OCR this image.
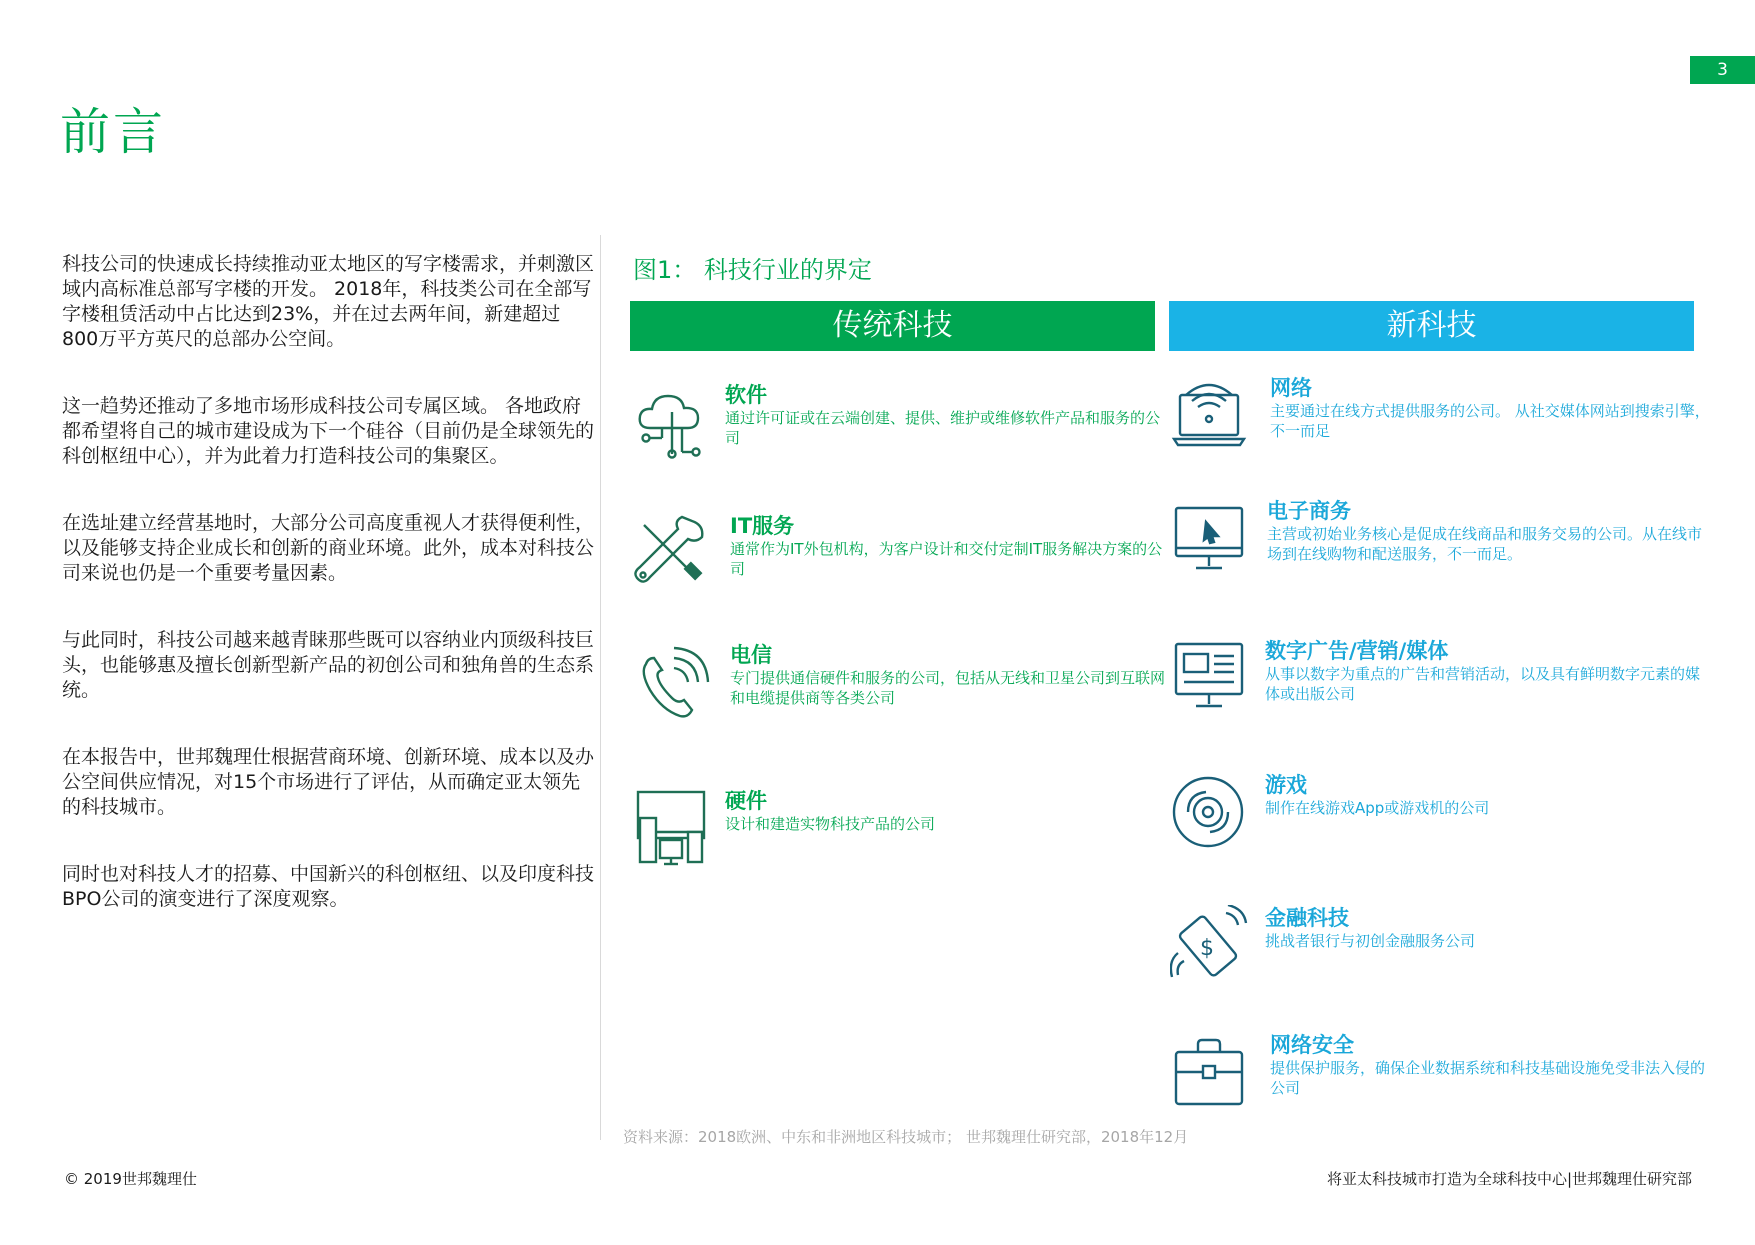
3
前言

科技公司的快速成长持续推动亚太地区的写字楼需求，并刺激区域内高标准总部写字楼的开发。 2018年，科技类公司在全部写字楼租赁活动中占比达到23%，并在过去两年间，新建超过800万平方英尺的总部办公空间。

这一趋势还推动了多地市场形成科技公司专属区域。 各地政府都希望将自己的城市建设成为下一个硅谷（目前仍是全球领先的科创枢纽中心），并为此着力打造科技公司的集聚区。

在选址建立经营基地时，大部分公司高度重视人才获得便利性，以及能够支持企业成长和创新的商业环境。此外，成本对科技公司来说也仍是一个重要考量因素。

与此同时，科技公司越来越青睐那些既可以容纳业内顶级科技巨头，也能够惠及擅长创新型新产品的初创公司和独角兽的生态系统。

在本报告中，世邦魏理仕根据营商环境、创新环境、成本以及办公空间供应情况，对15个市场进行了评估，从而确定亚太领先的科技城市。

同时也对科技人才的招募、中国新兴的科创枢纽、以及印度科技BPO公司的演变进行了深度观察。

图1： 科技行业的界定
传统科技	新科技
软件
通过许可证或在云端创建、提供、维护或维修软件产品和服务的公司
IT服务
通常作为IT外包机构，为客户设计和交付定制IT服务解决方案的公司
电信
专门提供通信硬件和服务的公司，包括从无线和卫星公司到互联网和电缆提供商等各类公司
硬件
设计和建造实物科技产品的公司
网络
主要通过在线方式提供服务的公司。 从社交媒体网站到搜索引擎，不一而足
电子商务
主营或初始业务核心是促成在线商品和服务交易的公司。从在线市场到在线购物和配送服务，不一而足。
数字广告/营销/媒体
从事以数字为重点的广告和营销活动，以及具有鲜明数字元素的媒体或出版公司
游戏
制作在线游戏App或游戏机的公司
$
金融科技
挑战者银行与初创金融服务公司
网络安全
提供保护服务，确保企业数据系统和科技基础设施免受非法入侵的公司
资料来源：2018欧洲、中东和非洲地区科技城市； 世邦魏理仕研究部，2018年12月
© 2019世邦魏理仕	将亚太科技城市打造为全球科技中心|世邦魏理仕研究部
